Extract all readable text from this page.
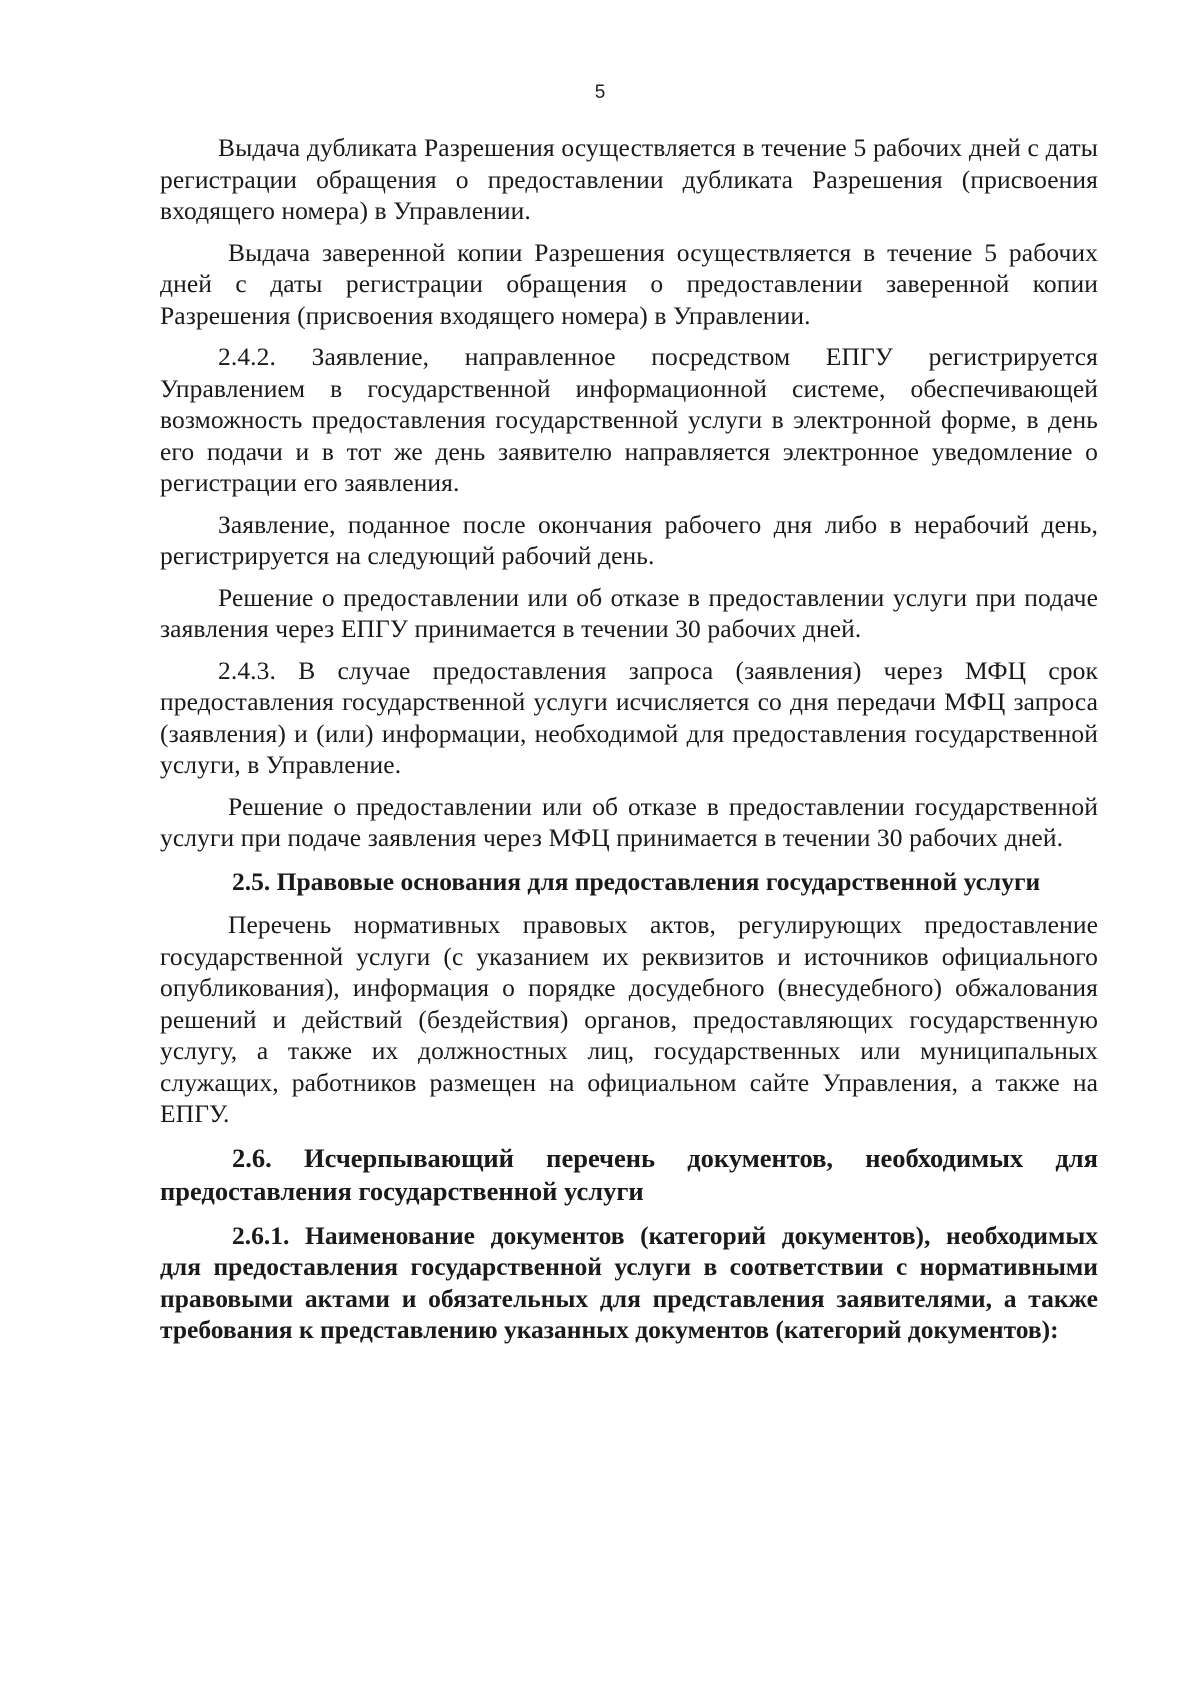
5

Выдача дубликата Разрешения осуществляется в течение 5 рабочих дней с даты регистрации обращения о предоставлении дубликата Разрешения (присвоения входящего номера) в Управлении.

Выдача заверенной копии Разрешения осуществляется в течение 5 рабочих дней с даты регистрации обращения о предоставлении заверенной копии Разрешения (присвоения входящего номера) в Управлении.

2.4.2. Заявление, направленное посредством ЕПГУ регистрируется Управлением в государственной информационной системе, обеспечивающей возможность предоставления государственной услуги в электронной форме, в день его подачи и в тот же день заявителю направляется электронное уведомление о регистрации его заявления.

Заявление, поданное после окончания рабочего дня либо в нерабочий день, регистрируется на следующий рабочий день.

Решение о предоставлении или об отказе в предоставлении услуги при подаче заявления через ЕПГУ принимается в течении 30 рабочих дней.

2.4.3. В случае предоставления запроса (заявления) через МФЦ срок предоставления государственной услуги исчисляется со дня передачи МФЦ запроса (заявления) и (или) информации, необходимой для предоставления государственной услуги, в Управление.

Решение о предоставлении или об отказе в предоставлении государственной услуги при подаче заявления через МФЦ принимается в течении 30 рабочих дней.

2.5. Правовые основания для предоставления государственной услуги

Перечень нормативных правовых актов, регулирующих предоставление государственной услуги (с указанием их реквизитов и источников официального опубликования), информация о порядке досудебного (внесудебного) обжалования решений и действий (бездействия) органов, предоставляющих государственную услугу, а также их должностных лиц, государственных или муниципальных служащих, работников размещен на официальном сайте Управления, а также на ЕПГУ.

2.6. Исчерпывающий перечень документов, необходимых для предоставления государственной услуги

2.6.1. Наименование документов (категорий документов), необходимых для предоставления государственной услуги в соответствии с нормативными правовыми актами и обязательных для представления заявителями, а также требования к представлению указанных документов (категорий документов):
